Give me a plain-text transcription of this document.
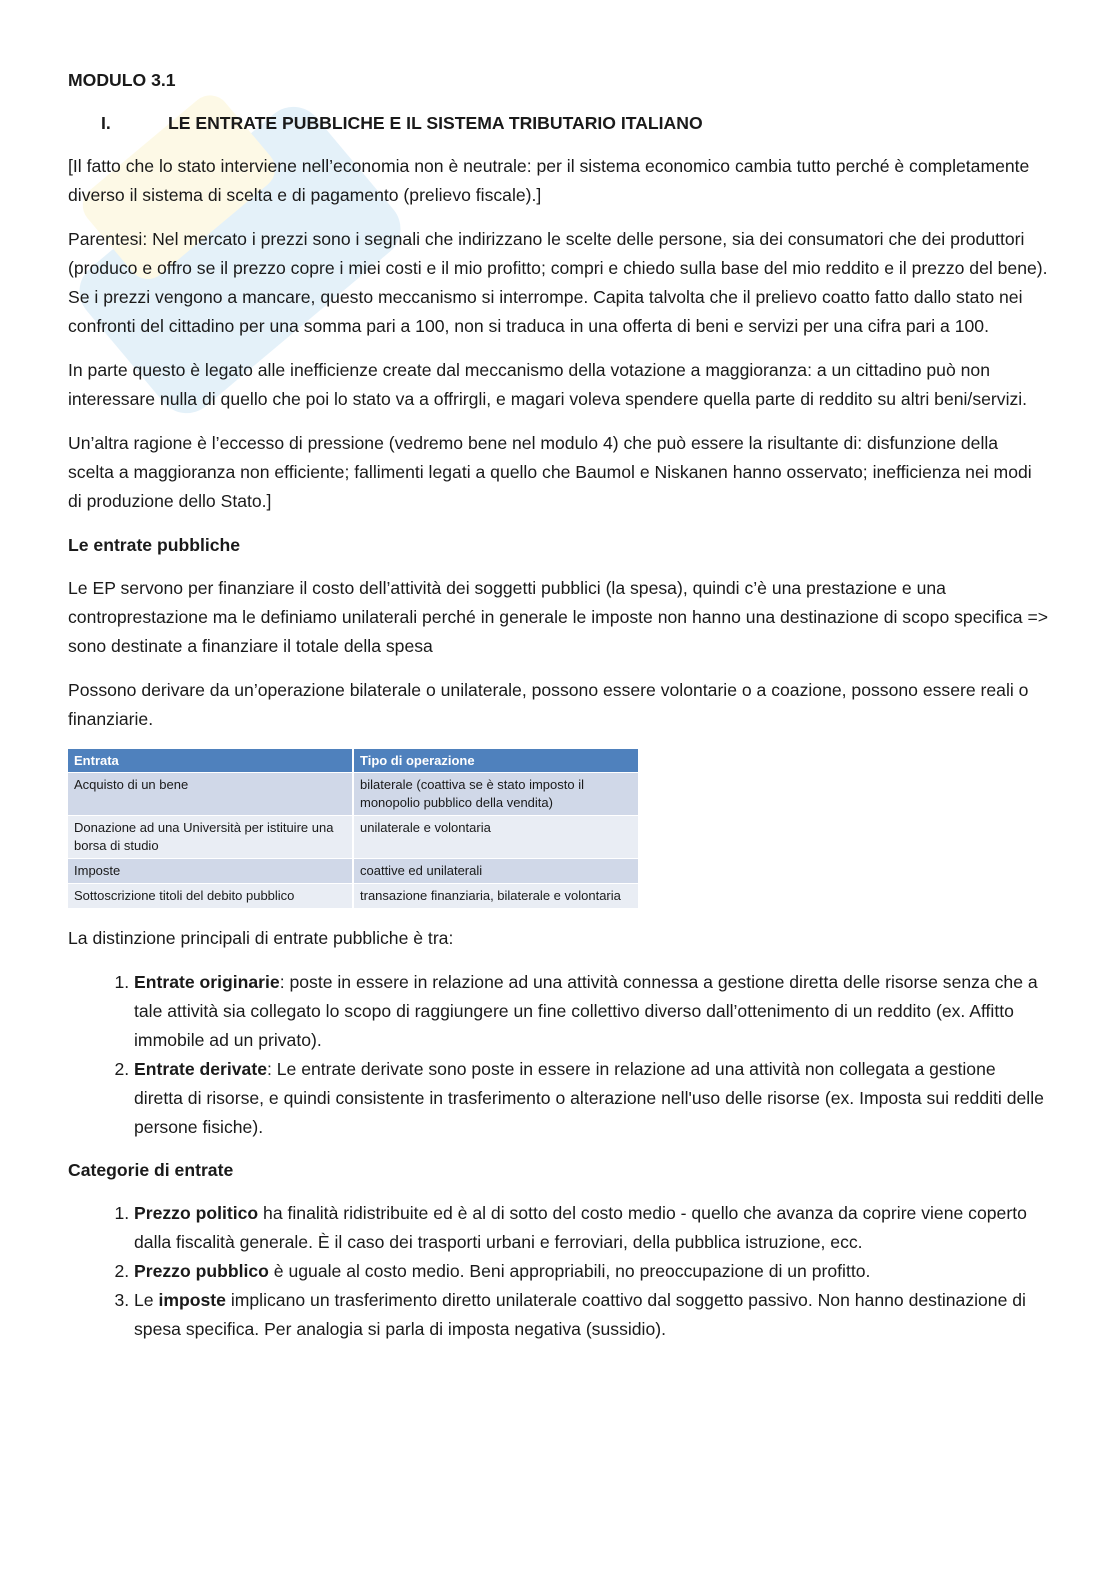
MODULO 3.1
I.	LE ENTRATE PUBBLICHE E IL SISTEMA TRIBUTARIO ITALIANO

[Il fatto che lo stato interviene nell’economia non è neutrale: per il sistema economico cambia tutto perché è completamente diverso il sistema di scelta e di pagamento (prelievo fiscale).]

Parentesi: Nel mercato i prezzi sono i segnali che indirizzano le scelte delle persone, sia dei consumatori che dei produttori (produco e offro se il prezzo copre i miei costi e il mio profitto; compri e chiedo sulla base del mio reddito e il prezzo del bene). Se i prezzi vengono a mancare, questo meccanismo si interrompe. Capita talvolta che il prelievo coatto fatto dallo stato nei confronti del cittadino per una somma pari a 100, non si traduca in una offerta di beni e servizi per una cifra pari a 100.

In parte questo è legato alle inefficienze create dal meccanismo della votazione a maggioranza: a un cittadino può non interessare nulla di quello che poi lo stato va a offrirgli, e magari voleva spendere quella parte di reddito su altri beni/servizi.

Un’altra ragione è l’eccesso di pressione (vedremo bene nel modulo 4) che può essere la risultante di: disfunzione della scelta a maggioranza non efficiente; fallimenti legati a quello che Baumol e Niskanen hanno osservato; inefficienza nei modi di produzione dello Stato.]

Le entrate pubbliche

Le EP servono per finanziare il costo dell’attività dei soggetti pubblici (la spesa), quindi c’è una prestazione e una controprestazione ma le definiamo unilaterali perché in generale le imposte non hanno una destinazione di scopo specifica => sono destinate a finanziare il totale della spesa

Possono derivare da un’operazione bilaterale o unilaterale, possono essere volontarie o a coazione, possono essere reali o finanziarie.

Entrata	Tipo di operazione
Acquisto di un bene	bilaterale (coattiva se è stato imposto il monopolio pubblico della vendita)
Donazione ad una Università per istituire una borsa di studio	unilaterale e volontaria
Imposte	coattive ed unilaterali
Sottoscrizione titoli del debito pubblico	transazione finanziaria, bilaterale e volontaria

La distinzione principali di entrate pubbliche è tra:

1. Entrate originarie: poste in essere in relazione ad una attività connessa a gestione diretta delle risorse senza che a tale attività sia collegato lo scopo di raggiungere un fine collettivo diverso dall’ottenimento di un reddito (ex. Affitto immobile ad un privato).
2. Entrate derivate: Le entrate derivate sono poste in essere in relazione ad una attività non collegata a gestione diretta di risorse, e quindi consistente in trasferimento o alterazione nell'uso delle risorse (ex. Imposta sui redditi delle persone fisiche).
Categorie di entrate
1. Prezzo politico ha finalità ridistribuite ed è al di sotto del costo medio - quello che avanza da coprire viene coperto dalla fiscalità generale. È il caso dei trasporti urbani e ferroviari, della pubblica istruzione, ecc.
2. Prezzo pubblico è uguale al costo medio. Beni appropriabili, no preoccupazione di un profitto.
3. Le imposte implicano un trasferimento diretto unilaterale coattivo dal soggetto passivo. Non hanno destinazione di spesa specifica. Per analogia si parla di imposta negativa (sussidio).
